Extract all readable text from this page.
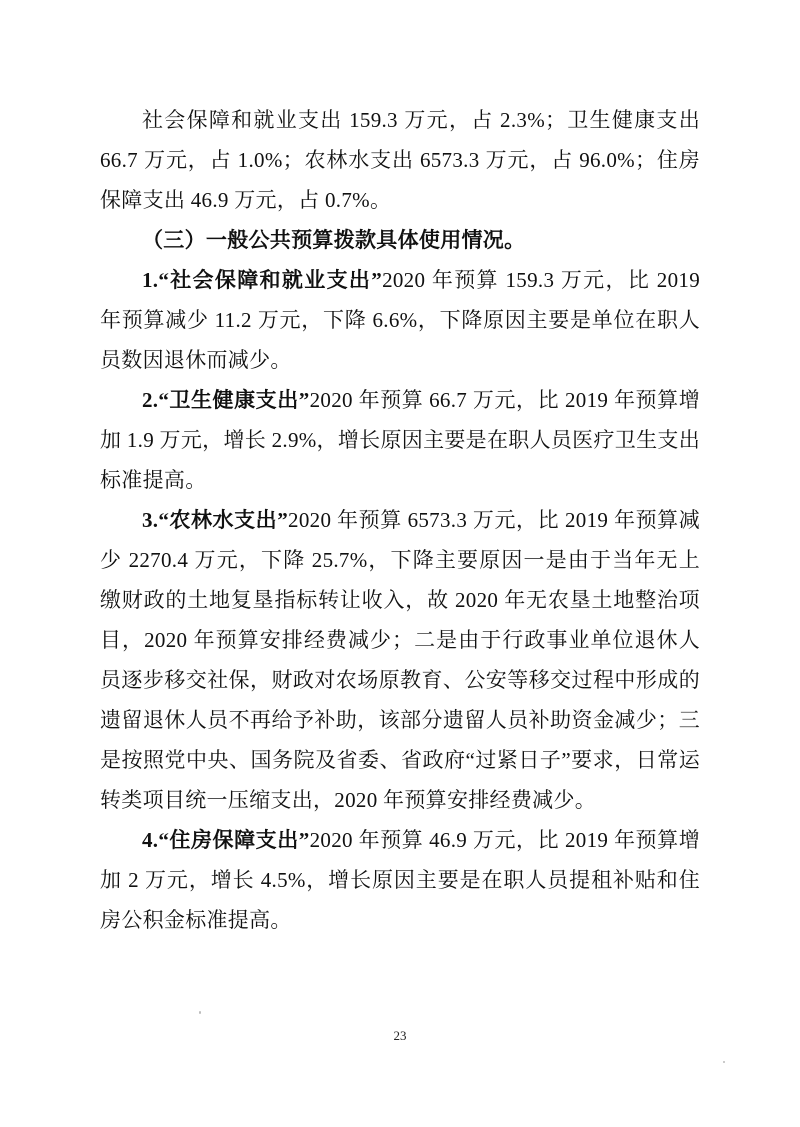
社会保障和就业支出 159.3 万元，占 2.3%；卫生健康支出 66.7 万元，占 1.0%；农林水支出 6573.3 万元，占 96.0%；住房保障支出 46.9 万元，占 0.7%。

（三）一般公共预算拨款具体使用情况。

1.“社会保障和就业支出”2020 年预算 159.3 万元，比 2019 年预算减少 11.2 万元，下降 6.6%，下降原因主要是单位在职人员数因退休而减少。

2.“卫生健康支出”2020 年预算 66.7 万元，比 2019 年预算增加 1.9 万元，增长 2.9%，增长原因主要是在职人员医疗卫生支出标准提高。

3.“农林水支出”2020 年预算 6573.3 万元，比 2019 年预算减少 2270.4 万元，下降 25.7%，下降主要原因一是由于当年无上缴财政的土地复垦指标转让收入，故 2020 年无农垦土地整治项目，2020 年预算安排经费减少；二是由于行政事业单位退休人员逐步移交社保，财政对农场原教育、公安等移交过程中形成的遗留退休人员不再给予补助，该部分遗留人员补助资金减少；三是按照党中央、国务院及省委、省政府“过紧日子”要求，日常运转类项目统一压缩支出，2020 年预算安排经费减少。

4.“住房保障支出”2020 年预算 46.9 万元，比 2019 年预算增加 2 万元，增长 4.5%，增长原因主要是在职人员提租补贴和住房公积金标准提高。

23
